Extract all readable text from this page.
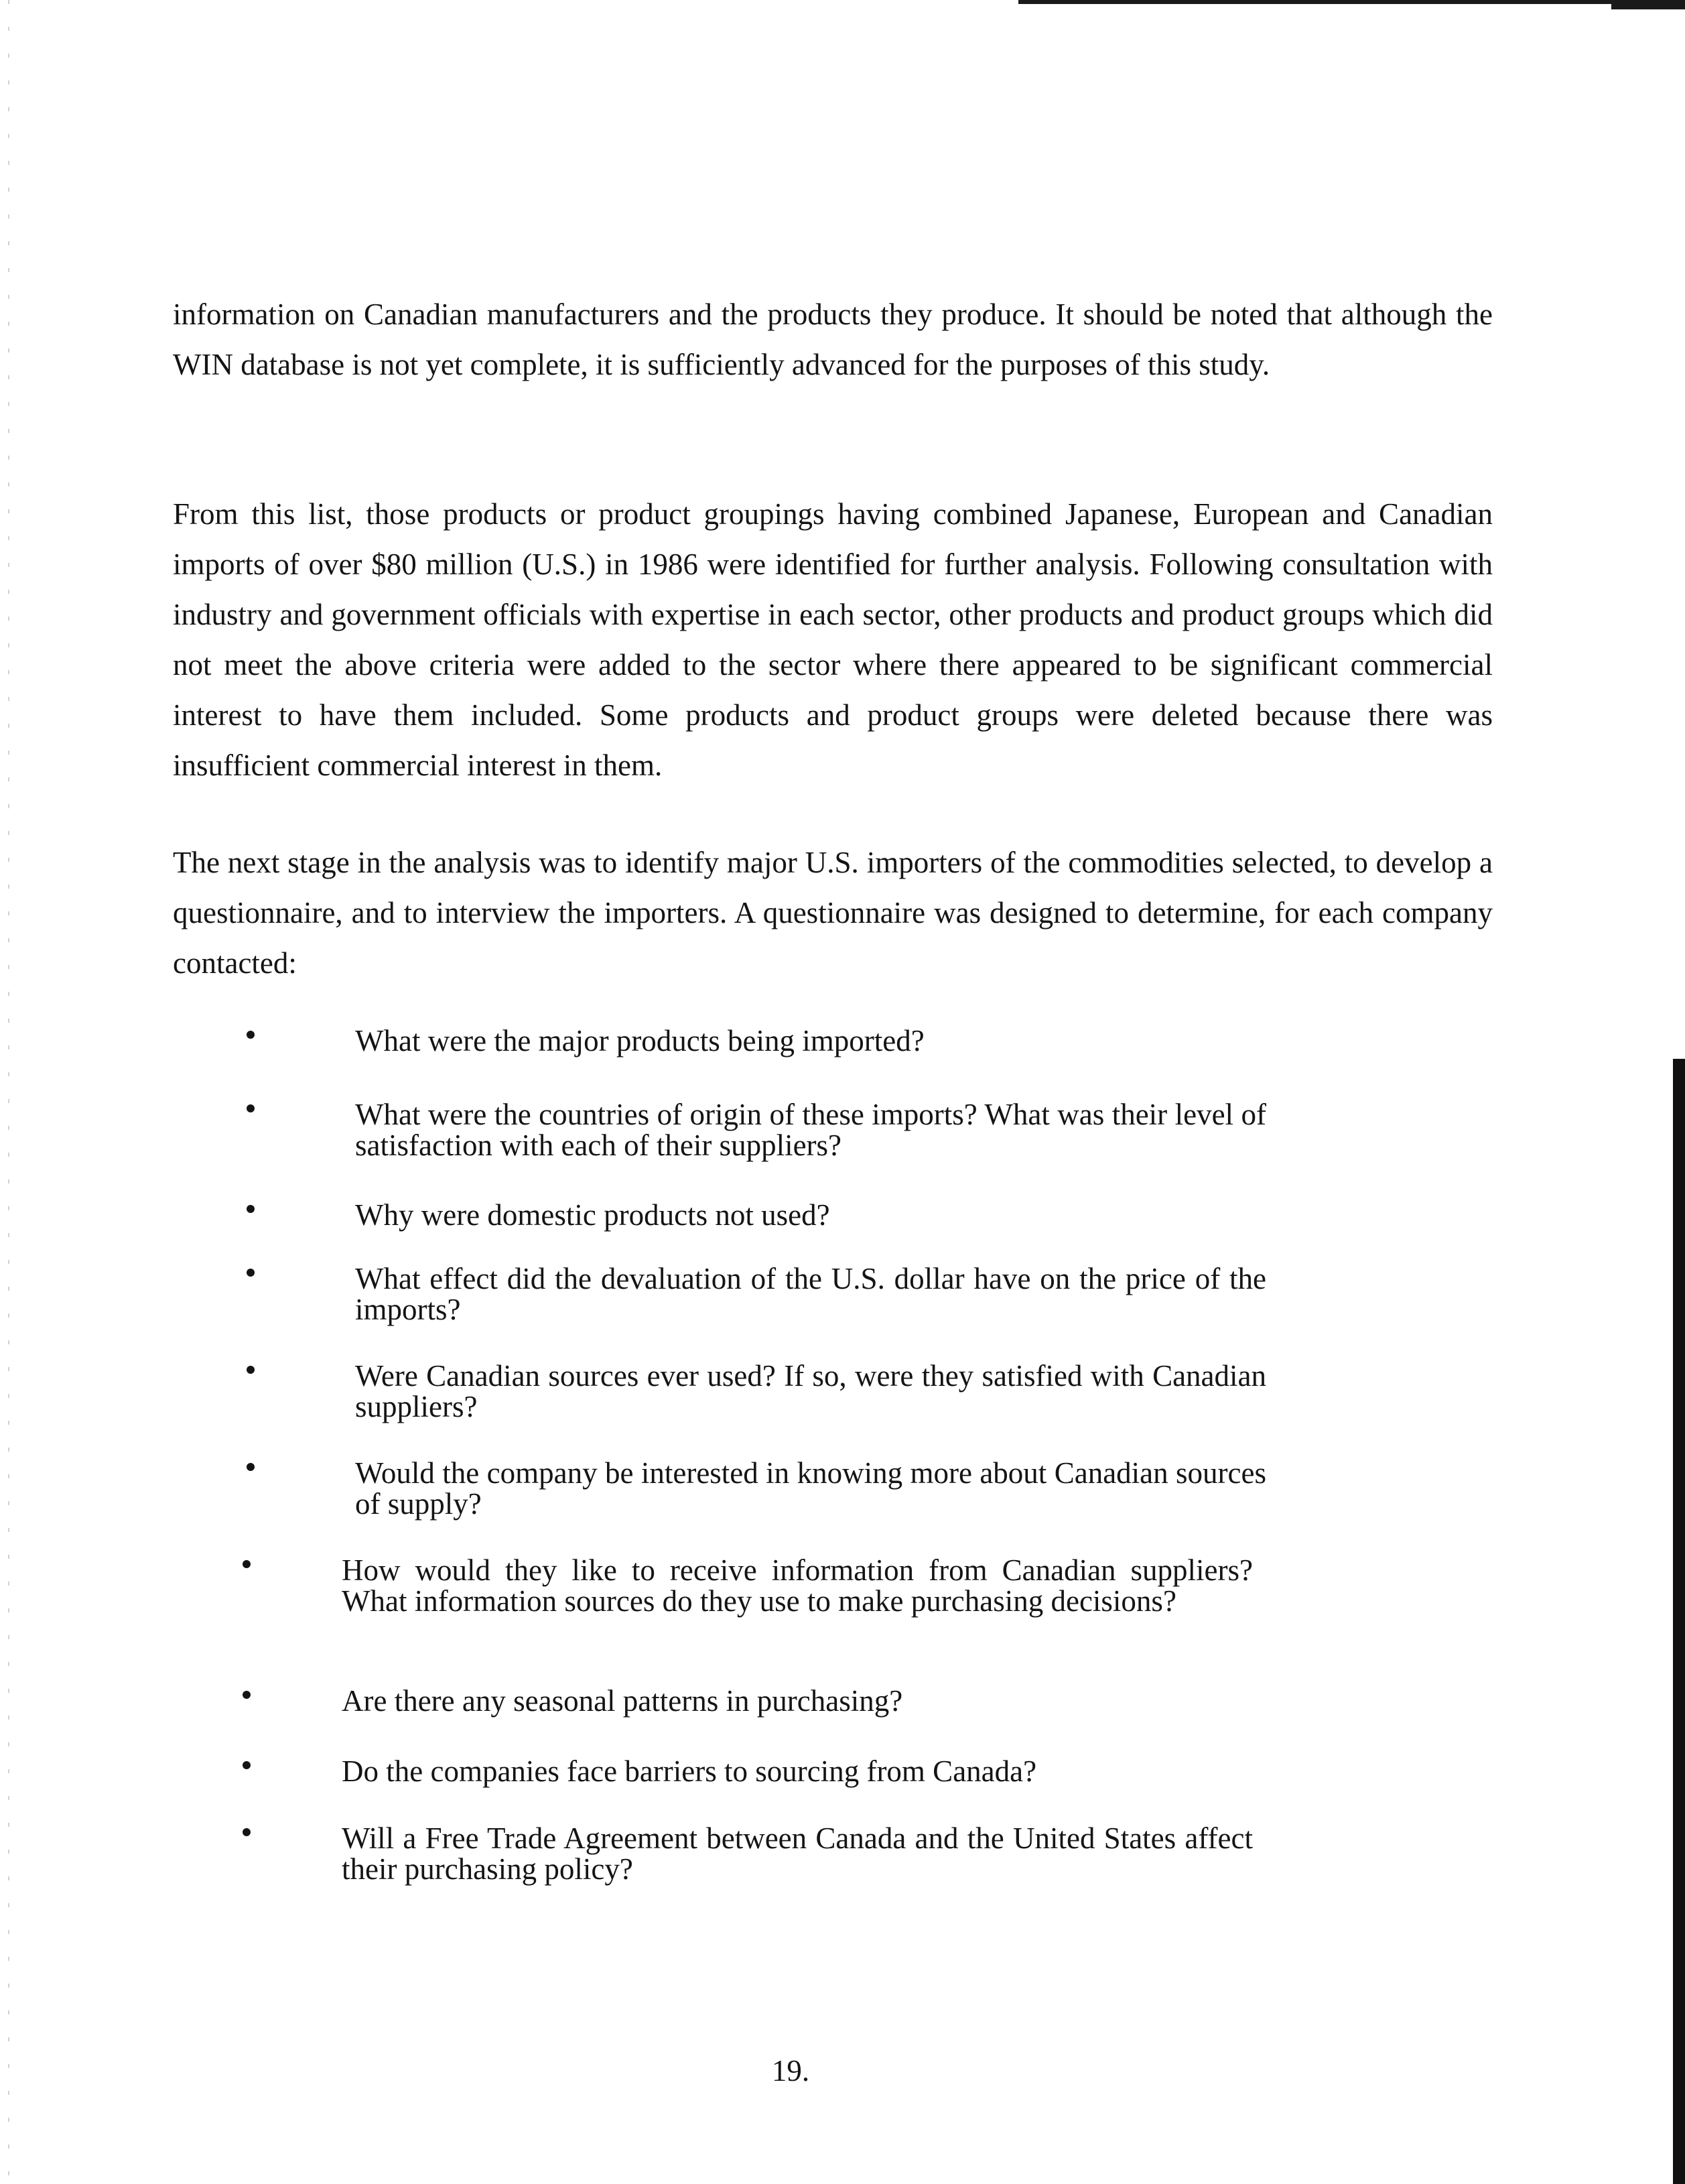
information on Canadian manufacturers and the products they produce. It should be noted that although the WIN database is not yet complete, it is sufficiently advanced for the purposes of this study.

From this list, those products or product groupings having combined Japanese, European and Canadian imports of over $80 million (U.S.) in 1986 were identified for further analysis. Following consultation with industry and government officials with expertise in each sector, other products and product groups which did not meet the above criteria were added to the sector where there appeared to be significant commercial interest to have them included. Some products and product groups were deleted because there was insufficient commercial interest in them.

The next stage in the analysis was to identify major U.S. importers of the commodities selected, to develop a questionnaire, and to interview the importers. A questionnaire was designed to determine, for each company contacted:

What were the major products being imported?
What were the countries of origin of these imports? What was their level of satisfaction with each of their suppliers?
Why were domestic products not used?
What effect did the devaluation of the U.S. dollar have on the price of the imports?
Were Canadian sources ever used? If so, were they satisfied with Canadian suppliers?
Would the company be interested in knowing more about Canadian sources of supply?
How would they like to receive information from Canadian suppliers? What information sources do they use to make purchasing decisions?
Are there any seasonal patterns in purchasing?
Do the companies face barriers to sourcing from Canada?
Will a Free Trade Agreement between Canada and the United States affect their purchasing policy?
19.
